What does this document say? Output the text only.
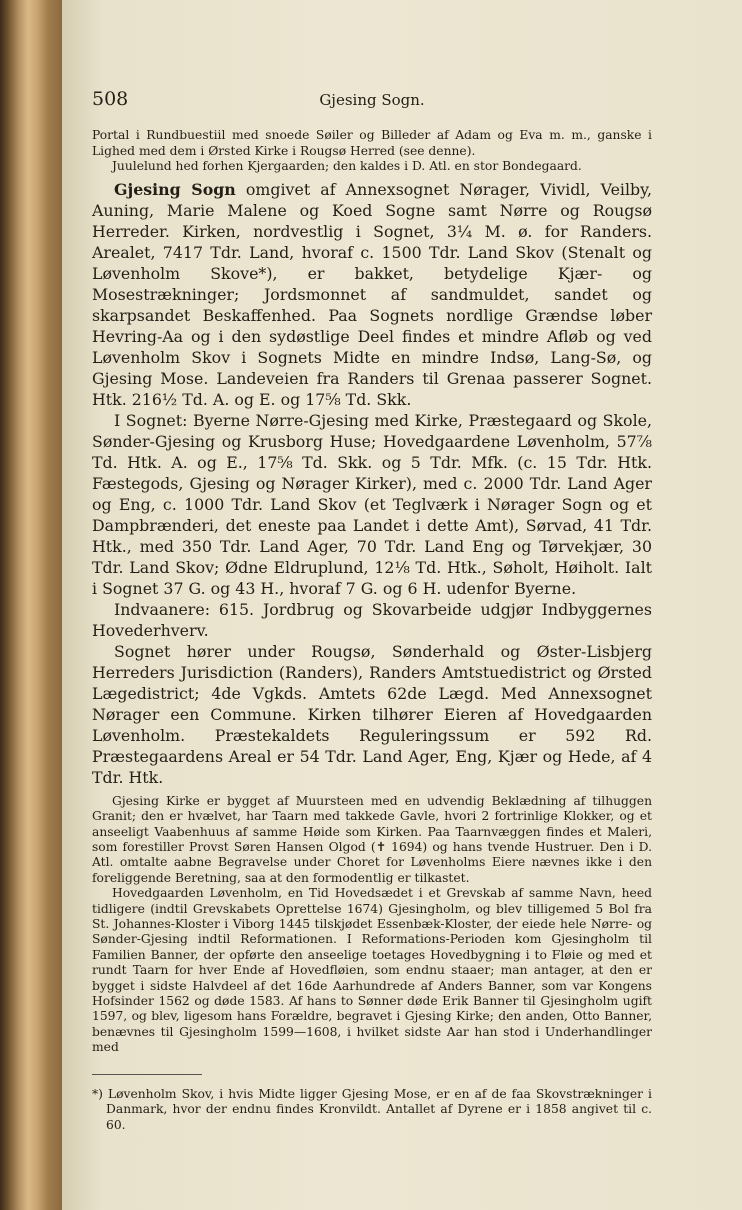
508	Gjesing Sogn.

Portal i Rundbuestiil med snoede Søiler og Billeder af Adam og Eva m. m., ganske i Lighed med dem i Ørsted Kirke i Rougsø Herred (see denne).

Juulelund hed forhen Kjergaarden; den kaldes i D. Atl. en stor Bondegaard.

Gjesing Sogn omgivet af Annexsognet Nørager, Vividl, Veilby, Auning, Marie Malene og Koed Sogne samt Nørre og Rougsø Herreder. Kirken, nordvestlig i Sognet, 3¼ M. ø. for Randers. Arealet, 7417 Tdr. Land, hvoraf c. 1500 Tdr. Land Skov (Stenalt og Løvenholm Skove*), er bakket, betydelige Kjær- og Mosestrækninger; Jordsmonnet af sandmuldet, sandet og skarpsandet Beskaffenhed. Paa Sognets nordlige Grændse løber Hevring-Aa og i den sydøstlige Deel findes et mindre Afløb og ved Løvenholm Skov i Sognets Midte en mindre Indsø, Lang-Sø, og Gjesing Mose. Landeveien fra Randers til Grenaa passerer Sognet. Htk. 216½ Td. A. og E. og 17⅝ Td. Skk.

I Sognet: Byerne Nørre-Gjesing med Kirke, Præstegaard og Skole, Sønder-Gjesing og Krusborg Huse; Hovedgaardene Løvenholm, 57⅞ Td. Htk. A. og E., 17⅝ Td. Skk. og 5 Tdr. Mfk. (c. 15 Tdr. Htk. Fæstegods, Gjesing og Nørager Kirker), med c. 2000 Tdr. Land Ager og Eng, c. 1000 Tdr. Land Skov (et Teglværk i Nørager Sogn og et Dampbrænderi, det eneste paa Landet i dette Amt), Sørvad, 41 Tdr. Htk., med 350 Tdr. Land Ager, 70 Tdr. Land Eng og Tørvekjær, 30 Tdr. Land Skov; Ødne Eldruplund, 12⅛ Td. Htk., Søholt, Høiholt. Ialt i Sognet 37 G. og 43 H., hvoraf 7 G. og 6 H. udenfor Byerne.

Indvaanere: 615. Jordbrug og Skovarbeide udgjør Indbyggernes Hovederhverv.

Sognet hører under Rougsø, Sønderhald og Øster-Lisbjerg Herreders Jurisdiction (Randers), Randers Amtstuedistrict og Ørsted Lægedistrict; 4de Vgkds. Amtets 62de Lægd. Med Annexsognet Nørager een Commune. Kirken tilhører Eieren af Hovedgaarden Løvenholm. Præstekaldets Reguleringssum er 592 Rd. Præstegaardens Areal er 54 Tdr. Land Ager, Eng, Kjær og Hede, af 4 Tdr. Htk.

Gjesing Kirke er bygget af Muursteen med en udvendig Beklædning af tilhuggen Granit; den er hvælvet, har Taarn med takkede Gavle, hvori 2 fortrinlige Klokker, og et anseeligt Vaabenhuus af samme Høide som Kirken. Paa Taarnvæggen findes et Maleri, som forestiller Provst Søren Hansen Olgod (✝ 1694) og hans tvende Hustruer. Den i D. Atl. omtalte aabne Begravelse under Choret for Løvenholms Eiere nævnes ikke i den foreliggende Beretning, saa at den formodentlig er tilkastet.

Hovedgaarden Løvenholm, en Tid Hovedsædet i et Grevskab af samme Navn, heed tidligere (indtil Grevskabets Oprettelse 1674) Gjesingholm, og blev tilligemed 5 Bol fra St. Johannes-Kloster i Viborg 1445 tilskjødet Essenbæk-Kloster, der eiede hele Nørre- og Sønder-Gjesing indtil Reformationen. I Reformations-Perioden kom Gjesingholm til Familien Banner, der opførte den anseelige toetages Hovedbygning i to Fløie og med et rundt Taarn for hver Ende af Hovedfløien, som endnu staaer; man antager, at den er bygget i sidste Halvdeel af det 16de Aarhundrede af Anders Banner, som var Kongens Hofsinder 1562 og døde 1583. Af hans to Sønner døde Erik Banner til Gjesingholm ugift 1597, og blev, ligesom hans Forældre, begravet i Gjesing Kirke; den anden, Otto Banner, benævnes til Gjesingholm 1599—1608, i hvilket sidste Aar han stod i Underhandlinger med

*) Løvenholm Skov, i hvis Midte ligger Gjesing Mose, er en af de faa Skovstrækninger i Danmark, hvor der endnu findes Kronvildt. Antallet af Dyrene er i 1858 angivet til c. 60.
